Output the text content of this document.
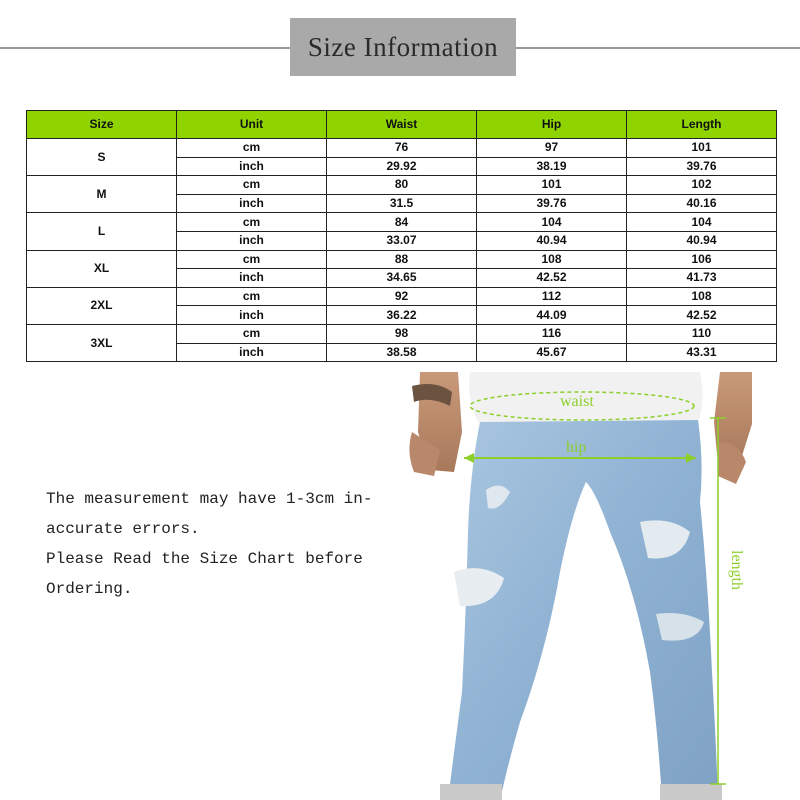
Size Information
Size	Unit	Waist	Hip	Length
S	cm	76	97	101
	inch	29.92	38.19	39.76
M	cm	80	101	102
	inch	31.5	39.76	40.16
L	cm	84	104	104
	inch	33.07	40.94	40.94
XL	cm	88	108	106
	inch	34.65	42.52	41.73
2XL	cm	92	112	108
	inch	36.22	44.09	42.52
3XL	cm	98	116	110
	inch	38.58	45.67	43.31
The measurement may have 1-3cm in-
accurate errors.
Please Read the Size Chart before
Ordering.
waist
hip
length
